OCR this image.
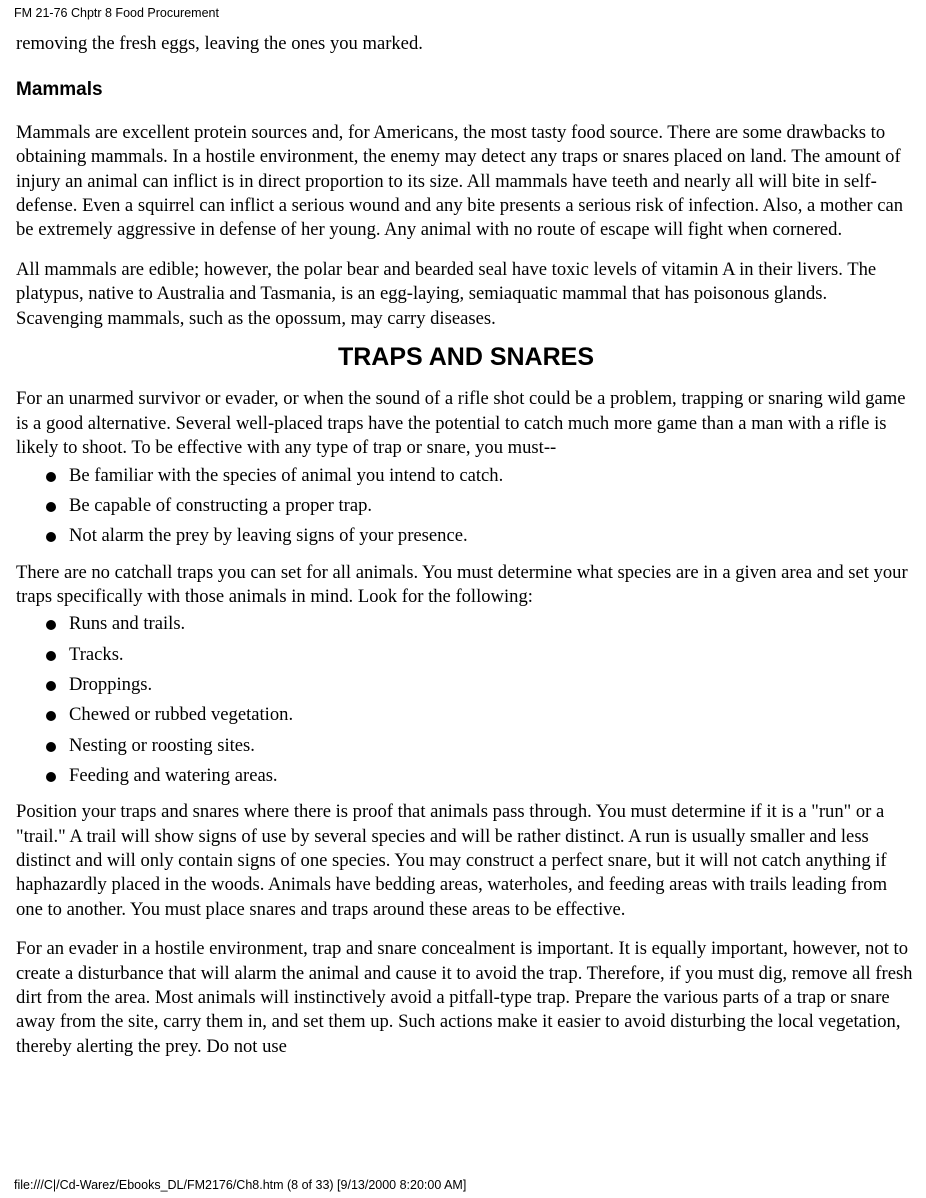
FM 21-76 Chptr 8 Food Procurement

removing the fresh eggs, leaving the ones you marked.

Mammals

Mammals are excellent protein sources and, for Americans, the most tasty food source. There are some drawbacks to obtaining mammals. In a hostile environment, the enemy may detect any traps or snares placed on land. The amount of injury an animal can inflict is in direct proportion to its size. All mammals have teeth and nearly all will bite in self-defense. Even a squirrel can inflict a serious wound and any bite presents a serious risk of infection. Also, a mother can be extremely aggressive in defense of her young. Any animal with no route of escape will fight when cornered.

All mammals are edible; however, the polar bear and bearded seal have toxic levels of vitamin A in their livers. The platypus, native to Australia and Tasmania, is an egg-laying, semiaquatic mammal that has poisonous glands. Scavenging mammals, such as the opossum, may carry diseases.

TRAPS AND SNARES

For an unarmed survivor or evader, or when the sound of a rifle shot could be a problem, trapping or snaring wild game is a good alternative. Several well-placed traps have the potential to catch much more game than a man with a rifle is likely to shoot. To be effective with any type of trap or snare, you must--

Be familiar with the species of animal you intend to catch.
Be capable of constructing a proper trap.
Not alarm the prey by leaving signs of your presence.

There are no catchall traps you can set for all animals. You must determine what species are in a given area and set your traps specifically with those animals in mind. Look for the following:

Runs and trails.
Tracks.
Droppings.
Chewed or rubbed vegetation.
Nesting or roosting sites.
Feeding and watering areas.

Position your traps and snares where there is proof that animals pass through. You must determine if it is a "run" or a "trail." A trail will show signs of use by several species and will be rather distinct. A run is usually smaller and less distinct and will only contain signs of one species. You may construct a perfect snare, but it will not catch anything if haphazardly placed in the woods. Animals have bedding areas, waterholes, and feeding areas with trails leading from one to another. You must place snares and traps around these areas to be effective.

For an evader in a hostile environment, trap and snare concealment is important. It is equally important, however, not to create a disturbance that will alarm the animal and cause it to avoid the trap. Therefore, if you must dig, remove all fresh dirt from the area. Most animals will instinctively avoid a pitfall-type trap. Prepare the various parts of a trap or snare away from the site, carry them in, and set them up. Such actions make it easier to avoid disturbing the local vegetation, thereby alerting the prey. Do not use

file:///C|/Cd-Warez/Ebooks_DL/FM2176/Ch8.htm (8 of 33) [9/13/2000 8:20:00 AM]
